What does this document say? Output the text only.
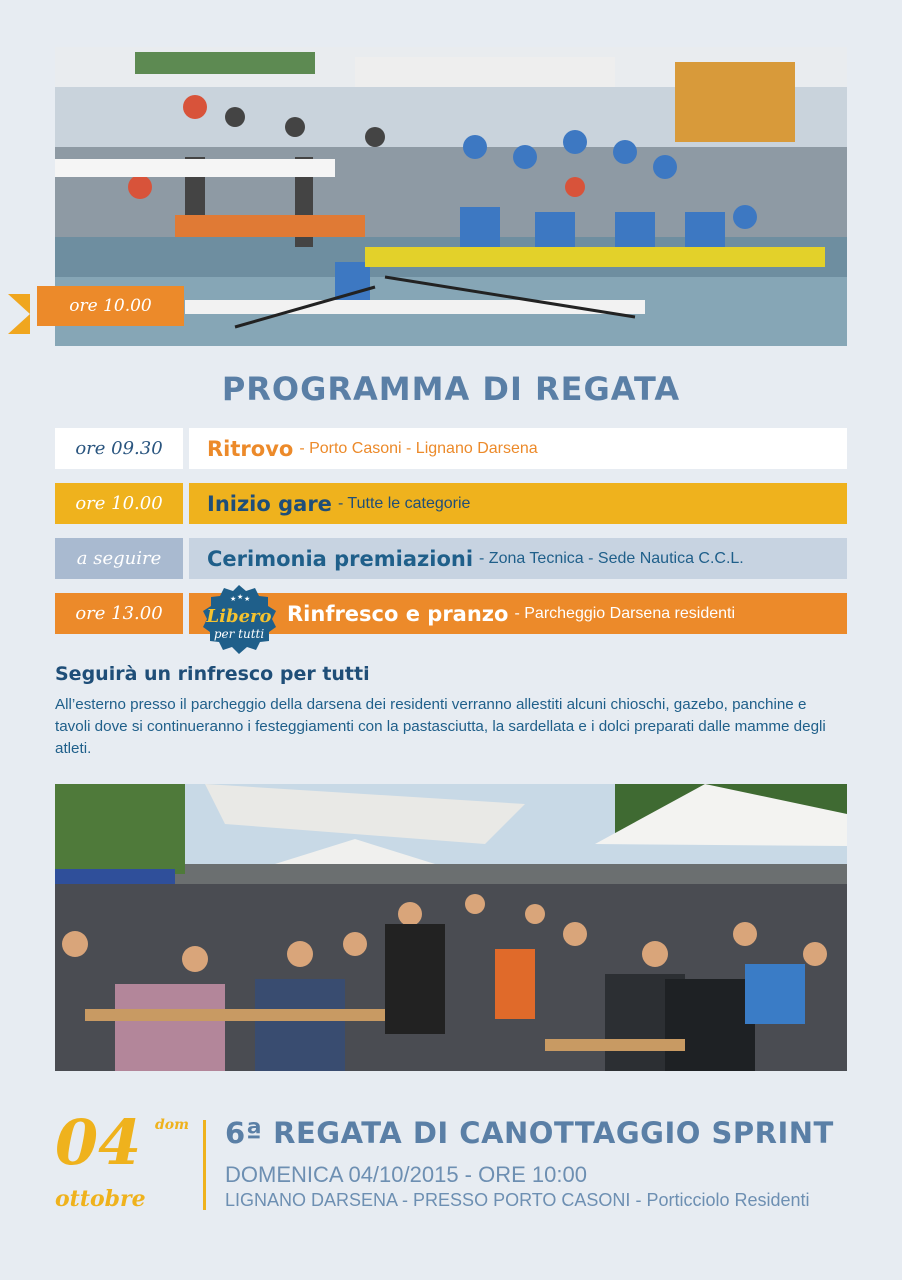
ore 10.00
PROGRAMMA DI REGATA
ore 09.30	Ritrovo - Porto Casoni - Lignano Darsena
ore 10.00	Inizio gare - Tutte le categorie
a seguire	Cerimonia premiazioni - Zona Tecnica - Sede Nautica C.C.L.
ore 13.00	Rinfresco e pranzo - Parcheggio Darsena residenti
★ ★ ★
Libero
per tutti
Seguirà un rinfresco per tutti
All’esterno presso il parcheggio della darsena dei residenti verranno allestiti alcuni chioschi, gazebo, panchine e tavoli dove si continueranno i festeggiamenti con la pastasciutta, la sardellata e i dolci preparati dalle mamme degli atleti.
04 dom
ottobre
6ª REGATA DI CANOTTAGGIO SPRINT
DOMENICA 04/10/2015 - ORE 10:00
LIGNANO DARSENA - PRESSO PORTO CASONI - Porticciolo Residenti
